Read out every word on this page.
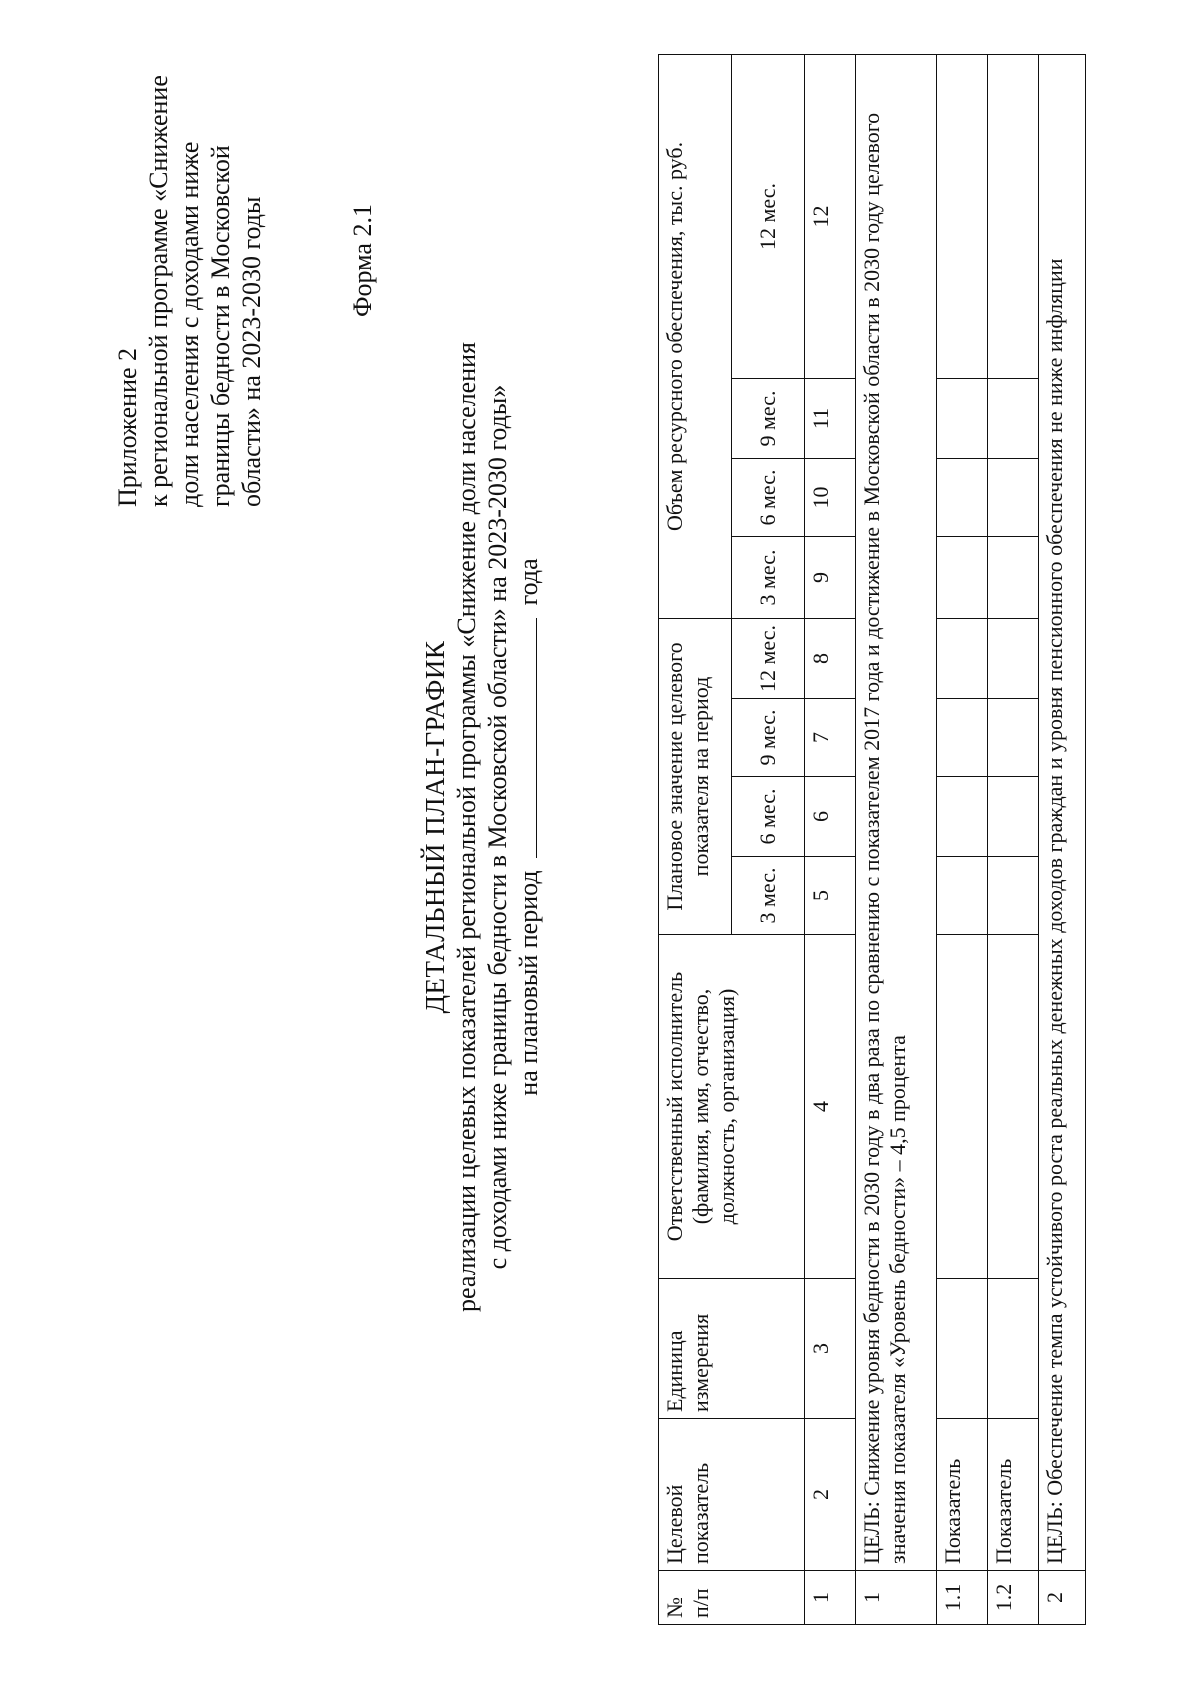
Приложение 2 к региональной программе «Снижение доли населения с доходами ниже границы бедности в Московской области» на 2023-2030 годы	Форма 2.1
ДЕТАЛЬНЫЙ ПЛАН-ГРАФИК реализации целевых показателей региональной программы «Снижение доли населения с доходами ниже границы бедности в Московской области» на 2023-2030 годы» на плановый период  года
№ п/п	Целевой показатель	Единица измерения	Ответственный исполнитель (фамилия, имя, отчество, должность, организация)	Плановое значение целевого показателя на период				Объем ресурсного обеспечения, тыс. руб.			
				3 мес.	6 мес.	9 мес.	12 мес.	3 мес.	6 мес.	9 мес.	12 мес.
1	2	3	4	5	6	7	8	9	10	11	12
1	ЦЕЛЬ: Снижение уровня бедности в 2030 году в два раза по сравнению с показателем 2017 года и достижение в Московской области в 2030 году целевого значения показателя «Уровень бедности» – 4,5 процента										
1.1	Показатель										
1.2	Показатель										
2	ЦЕЛЬ: Обеспечение темпа устойчивого роста реальных денежных доходов граждан и уровня пенсионного обеспечения не ниже инфляции										
